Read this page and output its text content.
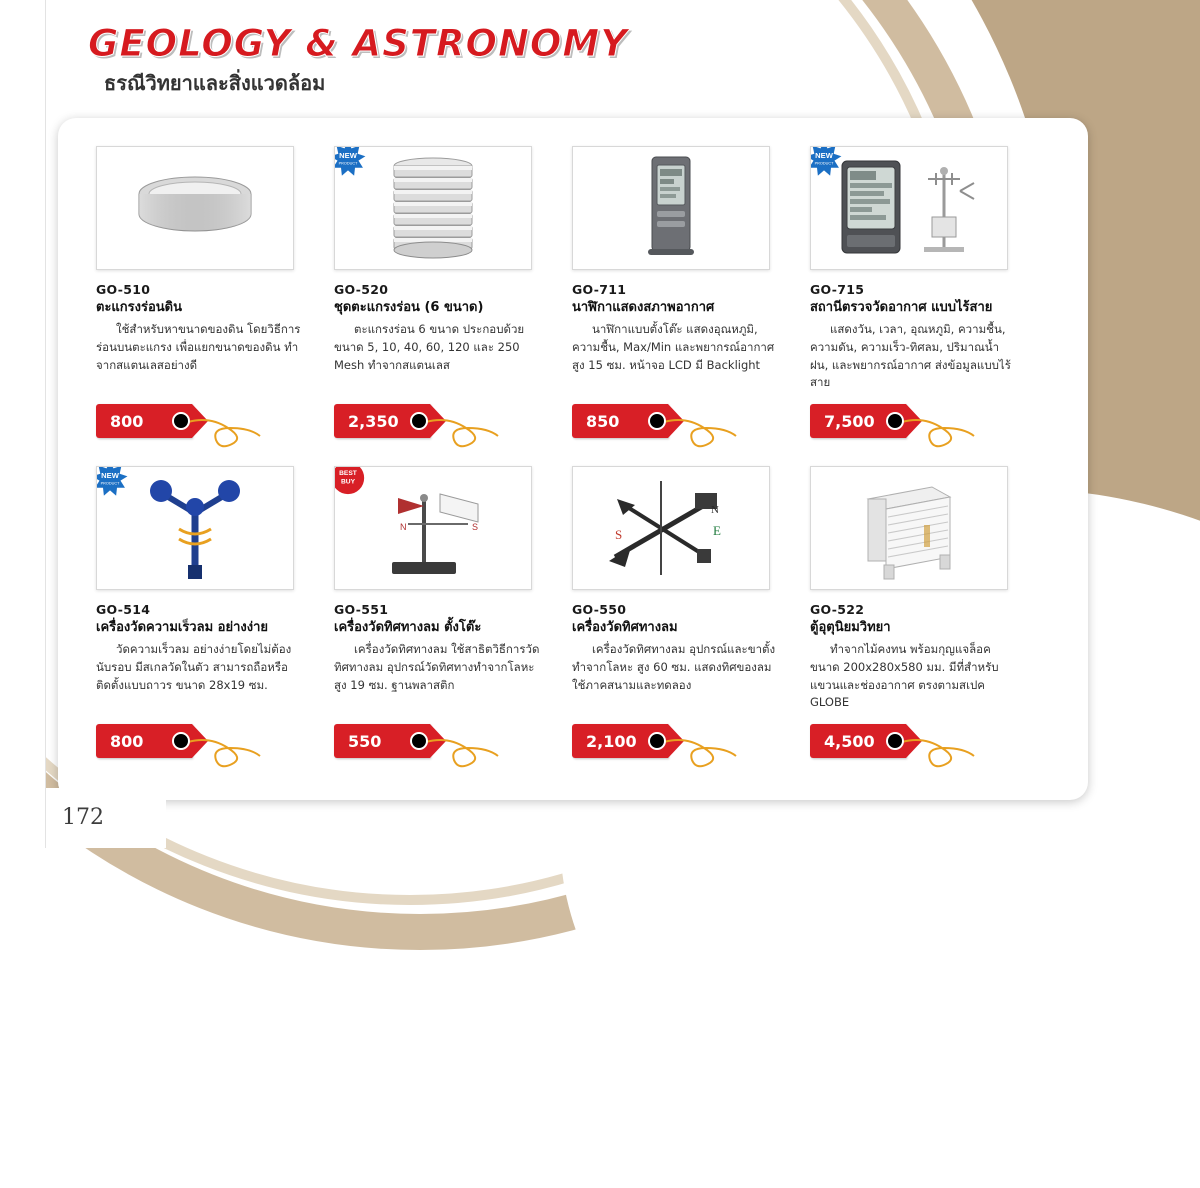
GEOLOGY & ASTRONOMY
ธรณีวิทยาและสิ่งแวดล้อม
GO-510
ตะแกรงร่อนดิน
ใช้สำหรับหาขนาดของดิน โดยวิธีการร่อนบนตะแกรง เพื่อแยกขนาดของดิน ทำจากสแตนเลสอย่างดี
800
NEW
PRODUCT
GO-520
ชุดตะแกรงร่อน (6 ขนาด)
ตะแกรงร่อน 6 ขนาด ประกอบด้วยขนาด 5, 10, 40, 60, 120 และ 250 Mesh ทำจากสแตนเลส
2,350
GO-711
นาฬิกาแสดงสภาพอากาศ
นาฬิกาแบบตั้งโต๊ะ แสดงอุณหภูมิ, ความชื้น, Max/Min และพยากรณ์อากาศ สูง 15 ซม. หน้าจอ LCD มี Backlight
850
NEW
PRODUCT
GO-715
สถานีตรวจวัดอากาศ แบบไร้สาย
แสดงวัน, เวลา, อุณหภูมิ, ความชื้น, ความดัน, ความเร็ว-ทิศลม, ปริมาณน้ำฝน, และพยากรณ์อากาศ ส่งข้อมูลแบบไร้สาย
7,500
NEW
PRODUCT
GO-514
เครื่องวัดความเร็วลม อย่างง่าย
วัดความเร็วลม อย่างง่ายโดยไม่ต้องนับรอบ มีสเกลวัดในตัว สามารถถือหรือติดตั้งแบบถาวร ขนาด 28x19 ซม.
800
N	S
BEST
BUY
GO-551
เครื่องวัดทิศทางลม ตั้งโต๊ะ
เครื่องวัดทิศทางลม ใช้สาธิตวิธีการวัดทิศทางลม อุปกรณ์วัดทิศทางทำจากโลหะสูง 19 ซม. ฐานพลาสติก
550
S	E
N
GO-550
เครื่องวัดทิศทางลม
เครื่องวัดทิศทางลม อุปกรณ์และขาตั้งทำจากโลหะ สูง 60 ซม. แสดงทิศของลม ใช้ภาคสนามและทดลอง
2,100
GO-522
ตู้อุตุนิยมวิทยา
ทำจากไม้คงทน พร้อมกุญแจล็อค ขนาด 200x280x580 มม. มีที่สำหรับแขวนและช่องอากาศ ตรงตามสเปค GLOBE
4,500
172
